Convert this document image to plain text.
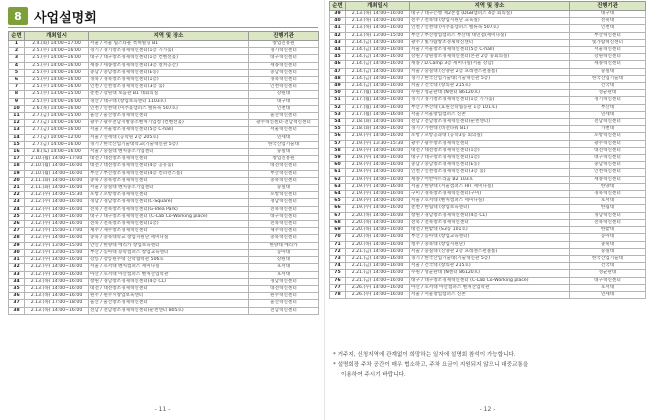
8 사업설명회
순번	개최일시	지역 및 장소	진행기관
1	2.4.(화) 14:00~17:00	서울 / 서울 팁스타운 특허빌딩 B1	창업진흥원
2	2.5.(수) 14:00~16:00	경기 / 경기창조경제혁신센터(1층 기가홀)	경기혁신센터
3	2.5.(수) 14:00~16:00	대구 / 대구창조경제혁신센터(1층 컨벤션홀)	대구혁신센터
4	2.5.(수) 14:00~16:00	세종 / 세종창조경제혁신센터(3층 컬쳐공간)	세종혁신센터
5	2.5.(수) 14:00~16:00	충남 / 충남창조경제혁신센터(E동)	충남혁신센터
6	2.5.(수) 14:00~16:00	경북 / 경북창조경제혁신센터(1층)	경북혁신센터
7	2.5.(수) 14:00~16:00	인천 / 인천창조경제혁신센터(3층 홀)	인천혁신센터
8	2.5.(수) 13:00~15:00	춘천 / 강원대 보듬관 B1 대회의실	강원대
9	2.5.(수) 14:00~16:00	경산 / 대구대 (창업보육센터 1103호)	대구대
10	2.6.(목) 14:00~16:00	인천 / 인천대 (미추홀캠퍼스 벨류독 507호)	인천대
11	2.7.(금) 14:00~15:00	울산 / 울산창조경제혁신센터	울산혁신센터
12	2.7.(금) 14:00~16:00	광주 / 광주전남지방중소벤처기업청 (컨벤션홀)	광주혁신센터·전남혁신센터
13	2.7.(금) 14:00~16:00	서울 / 서울창조경제혁신센터(5층 C-hall)	서울혁신센터
14	2.7.(금) 10:00~12:00	서울 / 연세대 (공학원 2층 205호)	연세대
15	2.7.(금) 14:00~16:00	경기 / 한국산업기술대학교(기술혁신관 5층)	한국산업기술대
16	2.8.(토) 14:00~16:00	서울 / 숭실대 벤처중소기업센터	숭실대
17	2.10.(월) 14:00~17:00	대전 / 대전창조경제혁신센터	창업진흥원
18	2.10.(월) 14:00~16:00	대전 / 대전창조경제혁신센터(4층 공유홀)	대전혁신센터
19	2.10.(월) 14:00~16:00	부산 / 부산창조경제혁신센터(4층 컨퍼런스룸)	부산혁신센터
20	2.11.(화) 14:00~16:00	충북 / 충북창조경제혁신센터	충북혁신센터
21	2.11.(화) 14:00~16:00	서울 / 숭실대 벤처중소기업센터	숭실대
22	2.12.(수) 14:00~15:30	포항 / 포항창조경제혁신센터	포항혁신센터
23	2.12.(수) 14:00~16:00	경남 / 경남창조경제혁신센터(C-Square)	경남혁신센터
24	2.12.(수) 14:00~16:00	전북 / 전북창조경제혁신센터(G-Idea Park)	전북혁신센터
25	2.12.(수) 14:00~16:00	대구 / 대구창조경제혁신센터 (C-Lab Co-Working place)	대구혁신센터
26	2.12.(수) 14:00~16:00	전북 / 전북창조경제혁신센터(1층)	전북혁신센터
27	2.12.(수) 15:00~17:00	제주 / 제주창조경제혁신센터	제주혁신센터
28	2.12.(수) 14:00~16:00	충북 / 충북대학교 창업지원단 세미나실	충북혁신센터
29	2.12.(수) 13:00~15:00	안산 / 한양대 에리카 창업보육센터	한양대 에리카
30	2.12.(수) 13:00~15:00	부산 / 동아대 승학캠퍼스 창업교육센터	동아대
31	2.12.(수) 14:00~16:00	강릉 / 강릉원주대 산학협력관 506호	강원대
32	2.12.(수) 14:00~16:00	서울 / 호서대 벤처캠퍼스 세미나실	호서대
33	2.12.(수) 14:00~16:00	아산 / 호서대 아산캠퍼스 벤처산업학관	호서대
34	2.13.(목) 14:00~16:00	창원 / 경남창조경제혁신센터(4층 CL)	경남혁신센터
35	2.13.(목) 14:00~16:00	대전 / 대전창조경제혁신센터	대전혁신센터
36	2.13.(목) 14:00~16:00	원주 / 원주시창업보육센터	원주혁신센터
37	2.13.(목) 17:00~18:00	울산 / 울산창조경제혁신센터	울산혁신센터
38	2.13.(목) 14:00~16:00	전남 / 전남창조경제혁신센터(순천센터 805호)	전남혁신센터
- 11 -
순번	개최일시	지역 및 장소	진행기관
39	2.13.(목) 14:00~16:00	대구 / 대구은행 제2본점 (DGB캠퍼스 4층 회의실)	대구대
40	2.13.(목) 14:00~16:00	전주 / 전북대 (창업지원단 교육실)	전북대
41	2.13.(목) 14:00~16:00	인천 / 인천대 (미추홀캠퍼스 벨류독 507호)	인천대
42	2.13.(목) 13:00~15:00	부산 / 부산창업캠퍼스 부산대 대연점(세미나실)	부산혁신센터
43	2.14.(금) 14:00~16:00	광주 / 빛가람창조경제혁신센터	빛가람혁신센터
44	2.14.(금) 14:00~16:00	서울 / 서울창조경제혁신센터(5층 C-hall)	서울혁신센터
45	2.14.(금) 14:00~16:00	강원 / 강원창조경제혁신센터(본관 2층 중회의실)	강원혁신센터
46	2.14.(금) 14:00~16:00	세종 / D.Camp 3층 세미나실(서울 강남)	세종혁신센터
47	2.14.(금) 14:00~16:00	서울 / 숭실대 (신양관 2층 프레젠스펀볼룸)	숭실대
48	2.14.(금) 14:00~16:00	경기 / 한국산업기술대(기술혁신관 5층)	한국산업기술대
49	2.14.(금) 14:00~16:00	서울 / 건국대 (창의관 215호)	건국대
50	2.17.(월) 14:00~16:00	수원 / 성균관대 (N센터 86120호)	성균관대
51	2.17.(월) 14:00~16:00	경기 / 경기창조경제혁신센터(1층 기가홀)	경기혁신센터
52	2.17.(월) 14:00~16:00	부산 / 부산대 (효원산학협동관 1층 101호)	부산대
53	2.17.(월) 14:00~16:00	서울 / 서울창업캠퍼스 신촌	연세대
54	2.18.(화) 14:00~16:00	전남 / 전남창조경제혁신센터(순천센터)	전남혁신센터
55	2.18.(화) 14:00~16:00	경기 / 가천대 (비전타워 B1)	가천대
56	2.19.(수) 14:00~16:00	포항 / 포항공과대 (공학3동 회의실)	포항혁신센터
57	2.19.(수) 13:30~15:30	광주 / 광주창조경제혁신센터	광주혁신센터
58	2.19.(수) 14:00~16:00	대전 / 대전창조경제혁신센터(1층)	대전혁신센터
59	2.19.(수) 14:00~16:00	대구 / 대구창조경제혁신센터(1층)	대구혁신센터
60	2.19.(수) 14:00~16:00	충남 / 충남창조경제혁신센터(E동)	충남혁신센터
61	2.19.(수) 14:00~16:00	인천 / 인천창조경제혁신센터(3층 홀)	인천혁신센터
62	2.19.(수) 14:00~16:00	세종 / 어반아트리움 B2 103호	세종혁신센터
63	2.19.(수) 14:00~16:00	서울 / 한양대 (서울캠퍼스 HIT 세미나실)	한양대
64	2.19.(수) 14:00~16:00	구미 / 경북창조경제혁신센터(구미)	경북혁신센터
65	2.19.(수) 14:00~16:00	서울 / 호서대 (벤처캠퍼스 세미나실)	호서대
66	2.19.(수) 14:00~16:00	춘천 / 한림대 (창업보육센터)	한림대
67	2.20.(목) 14:00~16:00	창원 / 경남창조경제혁신센터(4층 CL)	경남혁신센터
68	2.20.(목) 14:00~16:00	전북 / 전북창조경제혁신센터	전북혁신센터
69	2.20.(목) 14:00~16:00	대전 / 한밭대 (S3동 101호)	한밭대
70	2.20.(목) 14:00~16:00	부산 / 동아대 (창업교육센터)	동아대
71	2.20.(목) 14:00~16:00	청주 / 충북대 (창업지원단)	충북대
72	2.21.(금) 14:00~16:00	서울 / 숭실대 (신양관 2층 프레젠스펀볼룸)	숭실대
73	2.21.(금) 14:00~16:00	경기 / 한국산업기술대(기술혁신관 5층)	한국산업기술대
74	2.21.(금) 14:00~16:00	서울 / 건국대 (창의관 215호)	건국대
75	2.21.(금) 14:00~16:00	수원 / 성균관대 (N센터 86120호)	성균관대
76	2.21.(금) 14:00~16:00	대구 / 대구창조경제혁신센터 (C-Lab Co-Working place)	대구혁신센터
77	2.26.(수) 14:00~16:00	아산 / 호서대 아산캠퍼스 벤처산업학관	호서대
78	2.26.(수) 14:00~16:00	서울 / 서울창업캠퍼스 신촌	연세대

* 거주지, 신청지역에 관계없이 희망하는 일자에 설명회 참석이 가능합니다.

* 설명회장 주차 공간이 매우 협소하고, 주차 요금이 지원되지 않으니 대중교통을

이용하여 주시기 바랍니다.

- 12 -
